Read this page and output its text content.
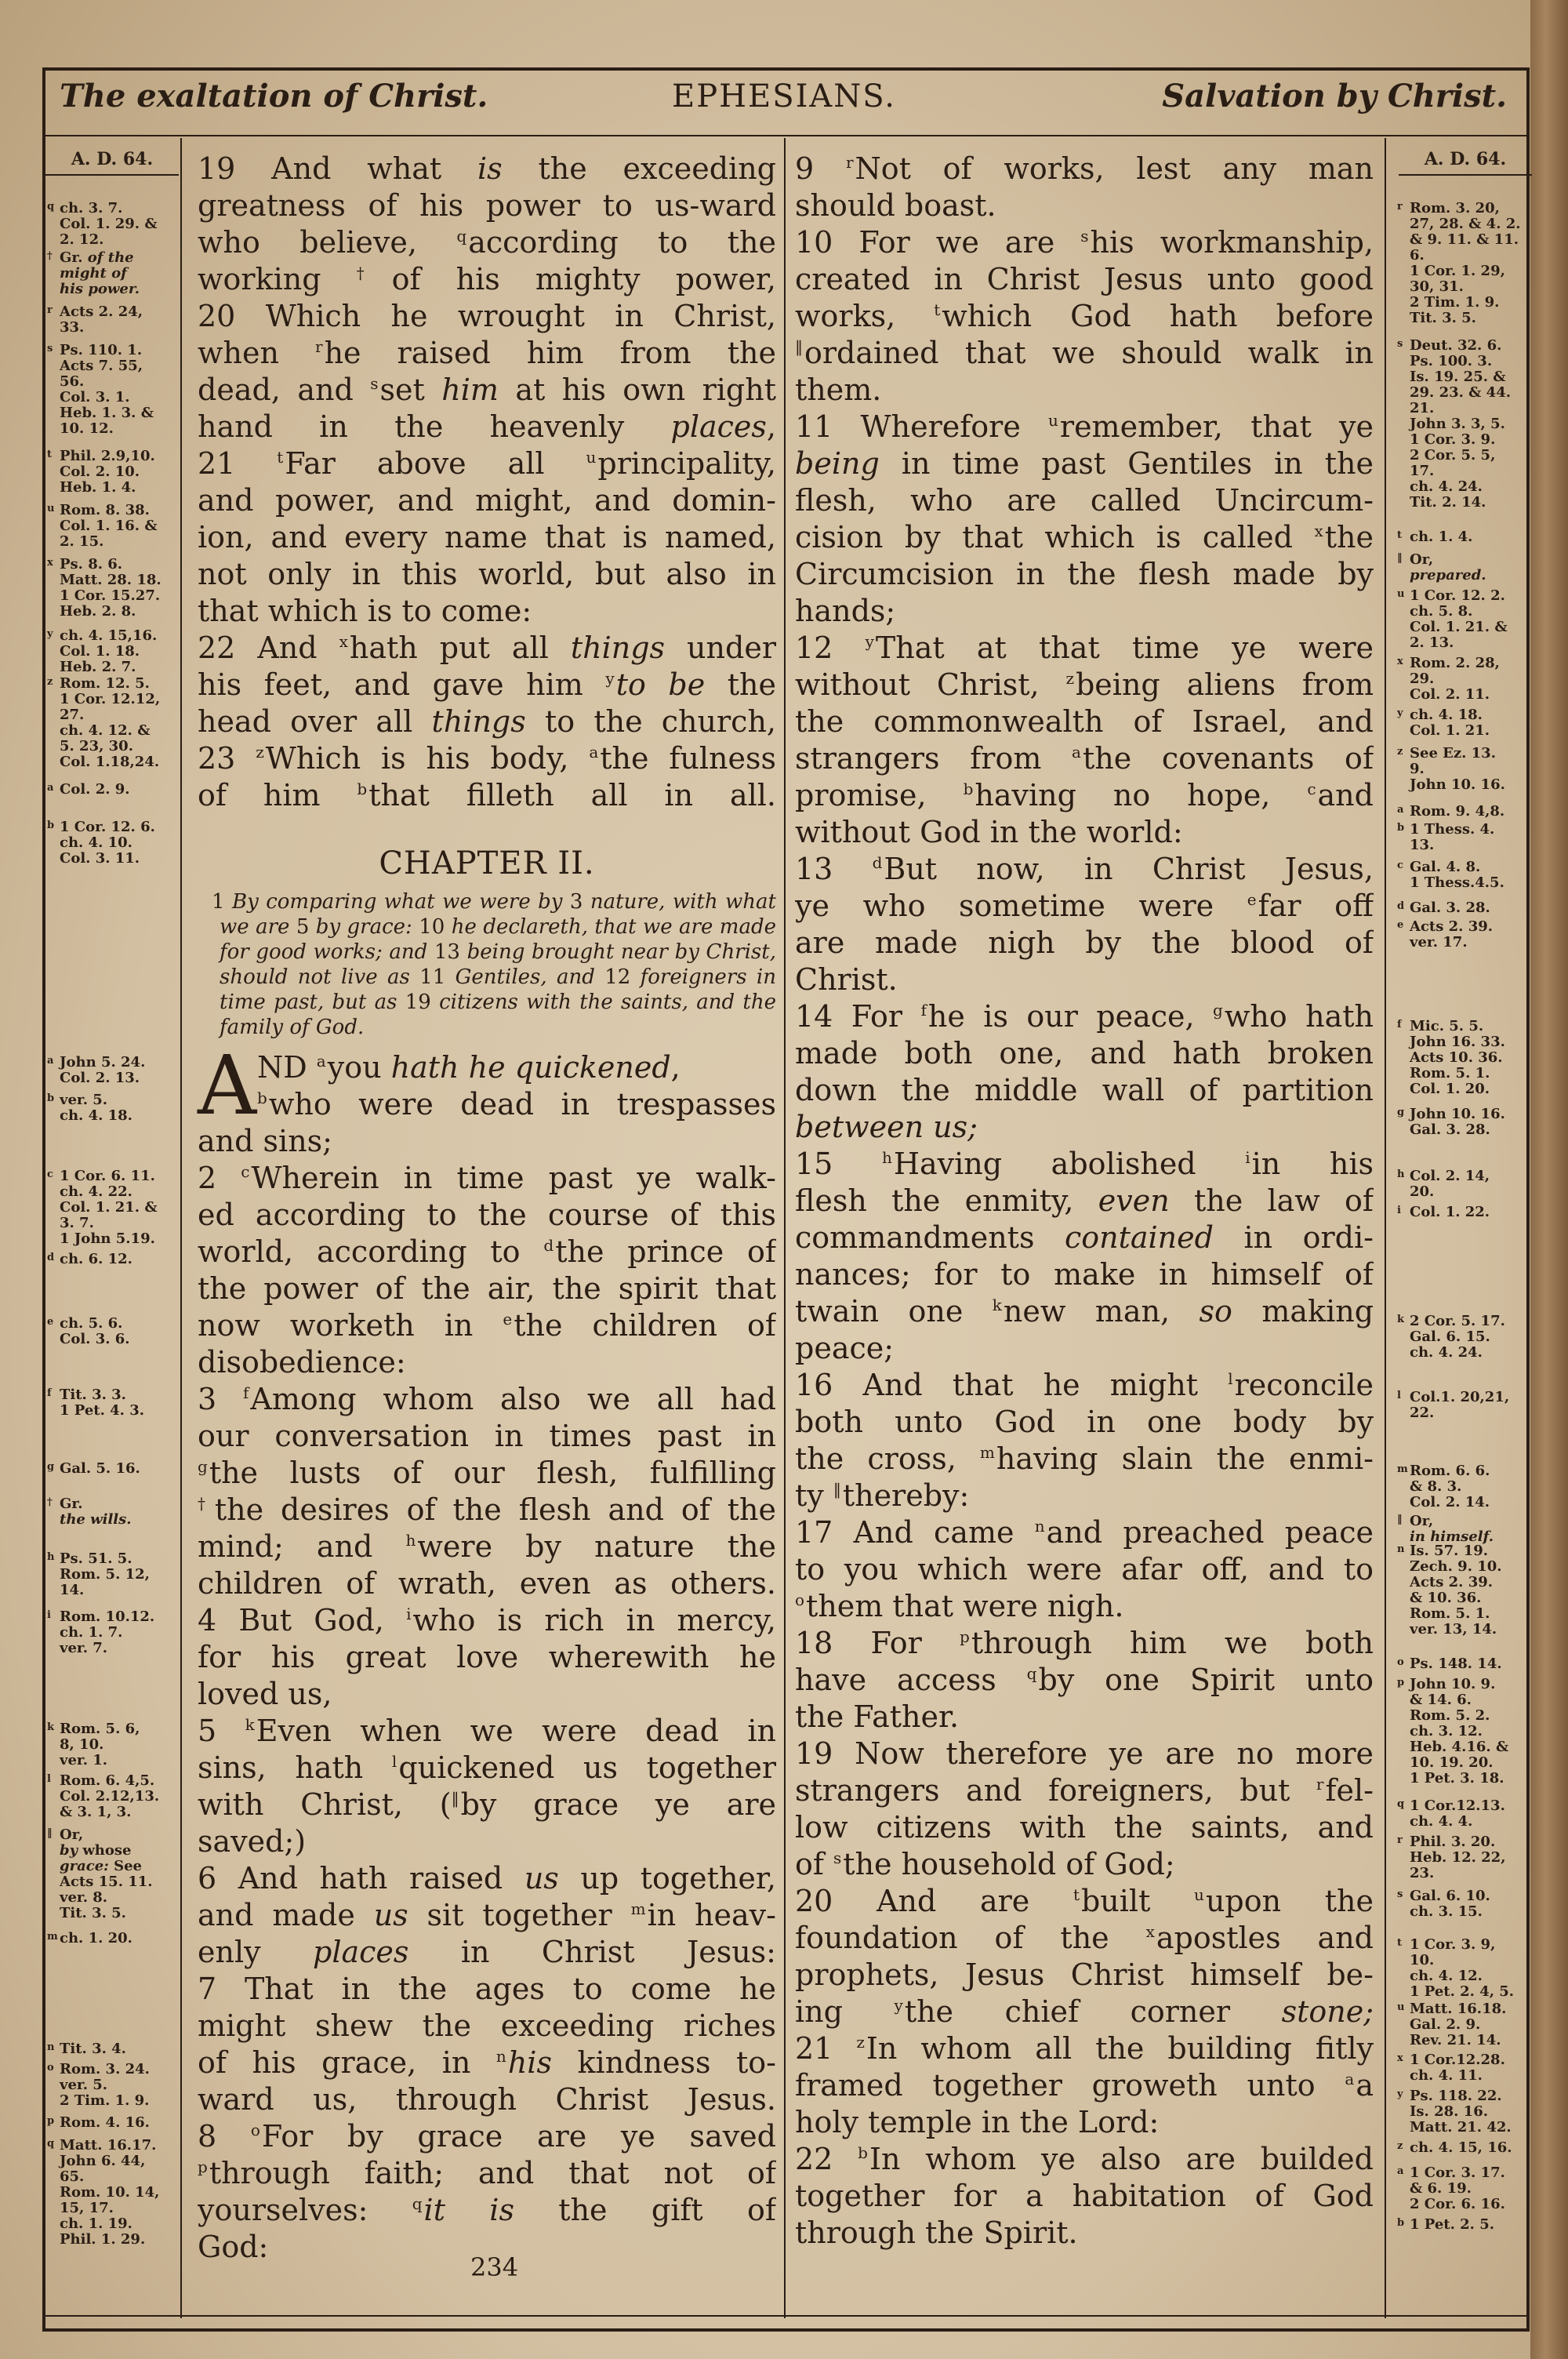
The exaltation of Christ.	EPHESIANS.	Salvation by Christ.
A. D. 64.	A. D. 64.
q ch. 3. 7.
Col. 1. 29. &
2. 12.
† Gr. of the
might of
his power.
r Acts 2. 24,
33.
s Ps. 110. 1.
Acts 7. 55,
56.
Col. 3. 1.
Heb. 1. 3. &
10. 12.
t Phil. 2.9,10.
Col. 2. 10.
Heb. 1. 4.
u Rom. 8. 38.
Col. 1. 16. &
2. 15.
x Ps. 8. 6.
Matt. 28. 18.
1 Cor. 15.27.
Heb. 2. 8.
y ch. 4. 15,16.
Col. 1. 18.
Heb. 2. 7.
z Rom. 12. 5.
1 Cor. 12.12,
27.
ch. 4. 12. &
5. 23, 30.
Col. 1.18,24.
a Col. 2. 9.
b 1 Cor. 12. 6.
ch. 4. 10.
Col. 3. 11.
a John 5. 24.
Col. 2. 13.
b ver. 5.
ch. 4. 18.
c 1 Cor. 6. 11.
ch. 4. 22.
Col. 1. 21. &
3. 7.
1 John 5.19.
d ch. 6. 12.
e ch. 5. 6.
Col. 3. 6.
f Tit. 3. 3.
1 Pet. 4. 3.
g Gal. 5. 16.
† Gr.
the wills.
h Ps. 51. 5.
Rom. 5. 12,
14.
i Rom. 10.12.
ch. 1. 7.
ver. 7.
k Rom. 5. 6,
8, 10.
ver. 1.
l Rom. 6. 4,5.
Col. 2.12,13.
& 3. 1, 3.
‖ Or,
by whose
grace: See
Acts 15. 11.
ver. 8.
Tit. 3. 5.
m ch. 1. 20.
n Tit. 3. 4.
o Rom. 3. 24.
ver. 5.
2 Tim. 1. 9.
p Rom. 4. 16.
q Matt. 16.17.
John 6. 44,
65.
Rom. 10. 14,
15, 17.
ch. 1. 19.
Phil. 1. 29.
r Rom. 3. 20,
27, 28. & 4. 2.
& 9. 11. & 11.
6.
1 Cor. 1. 29,
30, 31.
2 Tim. 1. 9.
Tit. 3. 5.
s Deut. 32. 6.
Ps. 100. 3.
Is. 19. 25. &
29. 23. & 44.
21.
John 3. 3, 5.
1 Cor. 3. 9.
2 Cor. 5. 5,
17.
ch. 4. 24.
Tit. 2. 14.
t ch. 1. 4.
‖ Or,
prepared.
u 1 Cor. 12. 2.
ch. 5. 8.
Col. 1. 21. &
2. 13.
x Rom. 2. 28,
29.
Col. 2. 11.
y ch. 4. 18.
Col. 1. 21.
z See Ez. 13.
9.
John 10. 16.
a Rom. 9. 4,8.
b 1 Thess. 4.
13.
c Gal. 4. 8.
1 Thess.4.5.
d Gal. 3. 28.
e Acts 2. 39.
ver. 17.
f Mic. 5. 5.
John 16. 33.
Acts 10. 36.
Rom. 5. 1.
Col. 1. 20.
g John 10. 16.
Gal. 3. 28.
h Col. 2. 14,
20.
i Col. 1. 22.
k 2 Cor. 5. 17.
Gal. 6. 15.
ch. 4. 24.
l Col.1. 20,21,
22.
m Rom. 6. 6.
& 8. 3.
Col. 2. 14.
‖ Or,
in himself.
n Is. 57. 19.
Zech. 9. 10.
Acts 2. 39.
& 10. 36.
Rom. 5. 1.
ver. 13, 14.
o Ps. 148. 14.
p John 10. 9.
& 14. 6.
Rom. 5. 2.
ch. 3. 12.
Heb. 4.16. &
10. 19. 20.
1 Pet. 3. 18.
q 1 Cor.12.13.
ch. 4. 4.
r Phil. 3. 20.
Heb. 12. 22,
23.
s Gal. 6. 10.
ch. 3. 15.
t 1 Cor. 3. 9,
10.
ch. 4. 12.
1 Pet. 2. 4, 5.
u Matt. 16.18.
Gal. 2. 9.
Rev. 21. 14.
x 1 Cor.12.28.
ch. 4. 11.
y Ps. 118. 22.
Is. 28. 16.
Matt. 21. 42.
z ch. 4. 15, 16.
a 1 Cor. 3. 17.
& 6. 19.
2 Cor. 6. 16.
b 1 Pet. 2. 5.
19 And what is the exceeding
greatness of his power to us-ward
who believe, $^q$according to the
working †of his mighty power,
20 Which he wrought in Christ,
when $^r$he raised him from the
dead, and $^s$set him at his own right
hand in the heavenly places,
21 $^t$Far above all $^u$principality,
and power, and might, and domin-
ion, and every name that is named,
not only in this world, but also in
that which is to come:
22 And $^x$hath put all things under
his feet, and gave him $^y$to be the
head over all things to the church,
23 $^z$Which is his body, $^a$the fulness
of him $^b$that filleth all in all.
CHAPTER II.
1 By comparing what we were by 3 nature, with what we are 5 by grace: 10 he declareth, that we are made for good works; and 13 being brought near by Christ, should not live as 11 Gentiles, and 12 foreigners in time past, but as 19 citizens with the saints, and the family of God.
A ND $^a$you hath he quickened,
$^b$who were dead in trespasses
and sins;
2 $^c$Wherein in time past ye walk-
ed according to the course of this
world, according to $^d$the prince of
the power of the air, the spirit that
now worketh in $^e$the children of
disobedience:
3 $^f$Among whom also we all had
our conversation in times past in
$^g$the lusts of our flesh, fulfilling
†the desires of the flesh and of the
mind; and $^h$were by nature the
children of wrath, even as others.
4 But God, $^i$who is rich in mercy,
for his great love wherewith he
loved us,
5 $^k$Even when we were dead in
sins, hath $^l$quickened us together
with Christ, (‖by grace ye are
saved;)
6 And hath raised us up together,
and made us sit together $^m$in heav-
enly places in Christ Jesus:
7 That in the ages to come he
might shew the exceeding riches
of his grace, in $^n$his kindness to-
ward us, through Christ Jesus.
8 $^o$For by grace are ye saved
$^p$through faith; and that not of
yourselves: $^q$it is the gift of
God:
9 $^r$Not of works, lest any man
should boast.
10 For we are $^s$his workmanship,
created in Christ Jesus unto good
works, $^t$which God hath before
‖ordained that we should walk in
them.
11 Wherefore $^u$remember, that ye
being in time past Gentiles in the
flesh, who are called Uncircum-
cision by that which is called $^x$the
Circumcision in the flesh made by
hands;
12 $^y$That at that time ye were
without Christ, $^z$being aliens from
the commonwealth of Israel, and
strangers from $^a$the covenants of
promise, $^b$having no hope, $^c$and
without God in the world:
13 $^d$But now, in Christ Jesus,
ye who sometime were $^e$far off
are made nigh by the blood of
Christ.
14 For $^f$he is our peace, $^g$who hath
made both one, and hath broken
down the middle wall of partition
between us;
15 $^h$Having abolished $^i$in his
flesh the enmity, even the law of
commandments contained in ordi-
nances; for to make in himself of
twain one $^k$new man, so making
peace;
16 And that he might $^l$reconcile
both unto God in one body by
the cross, $^m$having slain the enmi-
ty ‖thereby:
17 And came $^n$and preached peace
to you which were afar off, and to
$^o$them that were nigh.
18 For $^p$through him we both
have access $^q$by one Spirit unto
the Father.
19 Now therefore ye are no more
strangers and foreigners, but $^r$fel-
low citizens with the saints, and
of $^s$the household of God;
20 And are $^t$built $^u$upon the
foundation of the $^x$apostles and
prophets, Jesus Christ himself be-
ing $^y$the chief corner stone;
21 $^z$In whom all the building fitly
framed together groweth unto $^a$a
holy temple in the Lord:
22 $^b$In whom ye also are builded
together for a habitation of God
through the Spirit.
234
